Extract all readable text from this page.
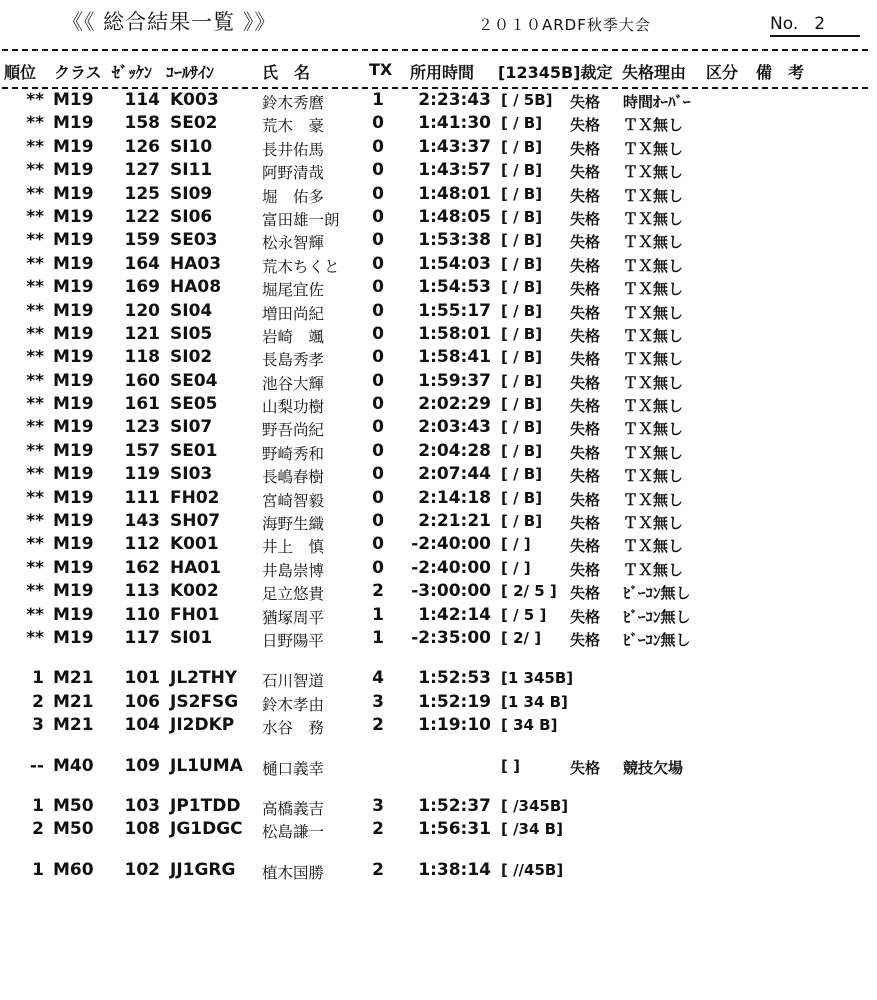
《《 総合結果一覧 》》	２０１０ARDF秋季大会	No. 2
順位 クラス ｾﾞｯｹﾝ ｺｰﾙｻｲﾝ	氏　名	TX 所用時間 [12345B]裁定 失格理由 区分 備　考
** M19 114 K003	鈴木秀麿	1	2:23:43 [ / 5B] 失格 時間ｵｰﾊﾞｰ
** M19 158 SE02	荒木　豪	0	1:41:30 [ / B] 失格 ＴＸ無し
** M19 126 SI10	長井佑馬	0	1:43:37 [ / B] 失格 ＴＸ無し
** M19 127 SI11	阿野清哉	0	1:43:57 [ / B] 失格 ＴＸ無し
** M19 125 SI09	堀　佑多	0	1:48:01 [ / B] 失格 ＴＸ無し
** M19 122 SI06	富田雄一朗 0	1:48:05 [ / B] 失格 ＴＸ無し
** M19 159 SE03	松永智輝	0	1:53:38 [ / B] 失格 ＴＸ無し
** M19 164 HA03	荒木ちくと 0	1:54:03 [ / B] 失格 ＴＸ無し
** M19 169 HA08	堀尾宜佐	0	1:54:53 [ / B] 失格 ＴＸ無し
** M19 120 SI04	増田尚紀	0	1:55:17 [ / B] 失格 ＴＸ無し
** M19 121 SI05	岩崎　颯	0	1:58:01 [ / B] 失格 ＴＸ無し
** M19 118 SI02	長島秀孝	0	1:58:41 [ / B] 失格 ＴＸ無し
** M19 160 SE04	池谷大輝	0	1:59:37 [ / B] 失格 ＴＸ無し
** M19 161 SE05	山梨功樹	0	2:02:29 [ / B] 失格 ＴＸ無し
** M19 123 SI07	野吾尚紀	0	2:03:43 [ / B] 失格 ＴＸ無し
** M19 157 SE01	野崎秀和	0	2:04:28 [ / B] 失格 ＴＸ無し
** M19 119 SI03	長嶋春樹	0	2:07:44 [ / B] 失格 ＴＸ無し
** M19 111 FH02	宮崎智毅	0	2:14:18 [ / B] 失格 ＴＸ無し
** M19 143 SH07	海野生織	0	2:21:21 [ / B] 失格 ＴＸ無し
** M19 112 K001	井上　慎	0	-2:40:00 [ / ]	失格 ＴＸ無し
** M19 162 HA01	井島崇博	0	-2:40:00 [ / ]	失格 ＴＸ無し
** M19 113 K002	足立悠貴	2	-3:00:00 [ 2/ 5 ] 失格 ﾋﾞｰｺﾝ無し
** M19 110 FH01	猶塚周平	1	1:42:14 [ / 5 ] 失格 ﾋﾞｰｺﾝ無し
** M19 117 SI01	日野陽平	1	-2:35:00 [ 2/ ] 失格 ﾋﾞｰｺﾝ無し
1 M21 101 JL2THY 石川智道	4	1:52:53 [1 345B]
2 M21 106 JS2FSG 鈴木孝由	3	1:52:19 [1 34 B]
3 M21 104 JI2DKP 水谷　務	2	1:19:10 [ 34 B]
-- M40 109 JL1UMA 樋口義幸	[ ]	失格 競技欠場
1 M50 103 JP1TDD 高橋義吉	3	1:52:37 [ /345B]
2 M50 108 JG1DGC 松島謙一	2	1:56:31 [ /34 B]
1 M60 102 JJ1GRG 植木国勝	2	1:38:14 [ //45B]
